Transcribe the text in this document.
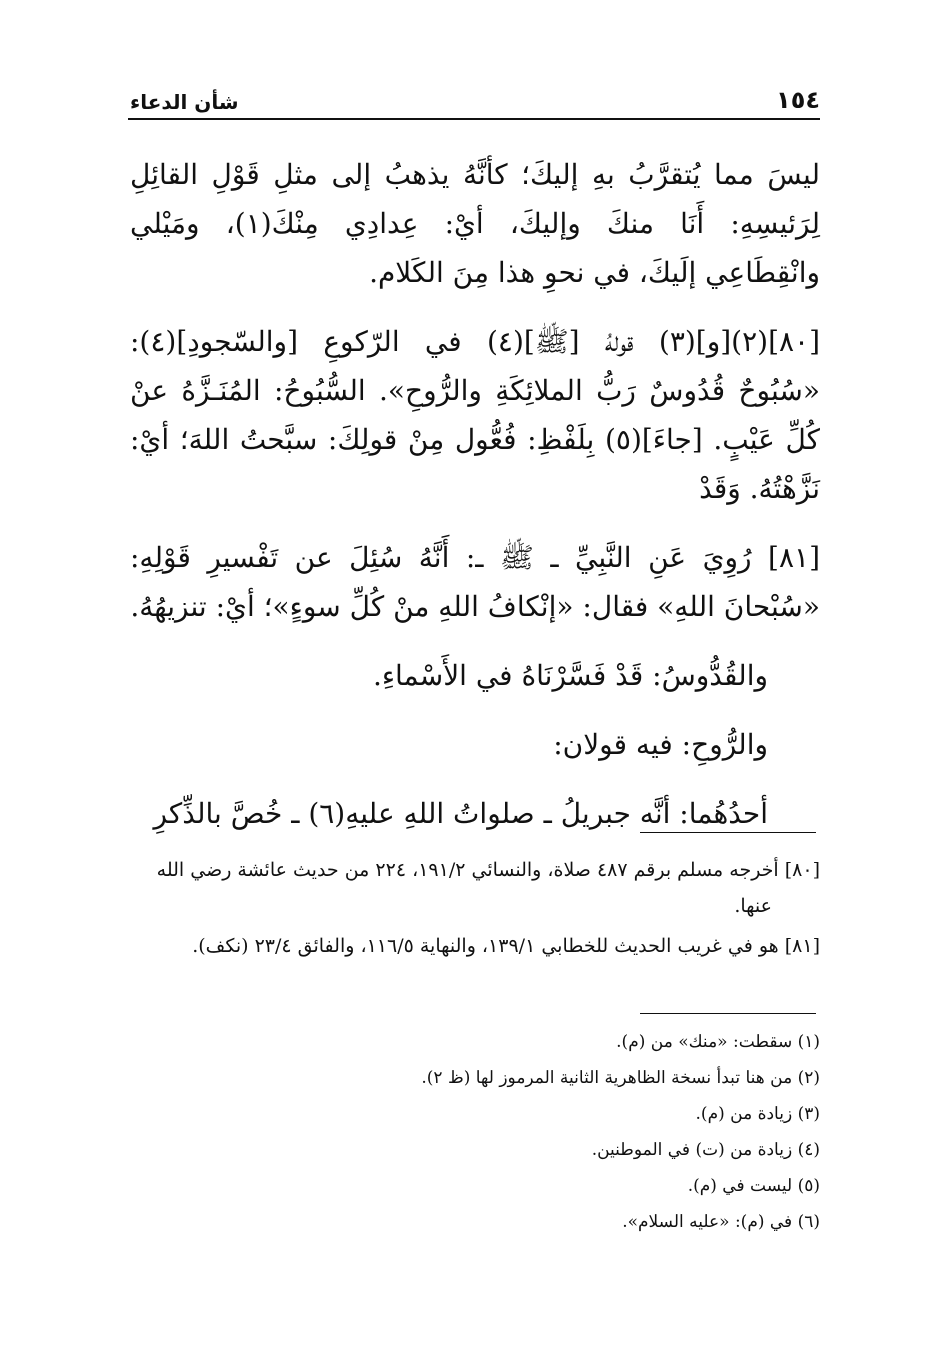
١٥٤
شأن الدعاء

ليسَ مما يُتقرَّبُ بهِ إليكَ؛ كأنَّهُ يذهبُ إلى مثلِ قَوْلِ القائِلِ لِرَئيسِهِ: أَنَا منكَ وإليكَ، أيْ: عِدادِي مِنْكَ(١)، ومَيْلي وانْقِطَاعِي إلَيكَ، في نحوِ هذا مِنَ الكَلام.

[٨٠](٢)[و](٣) قولهُ [ﷺ](٤) في الرّكوعِ [والسّجودِ](٤): «سُبُوحٌ قُدُوسٌ رَبُّ الملائِكَةِ والرُّوحِ». السُّبُوحُ: المُنَـزَّهُ عنْ كُلِّ عَيْبٍ. [جاءَ](٥) بِلَفْظِ: فُعُّول مِنْ قولِكَ: سبَّحتُ اللهَ؛ أيْ: نَزَّهْتُهُ. وَقَدْ

[٨١] رُوِيَ عَنِ النَّبِيِّ ـ ﷺ ـ: أَنَّهُ سُئِلَ عن تَفْسيرِ قَوْلِهِ: «سُبْحانَ اللهِ» فقال: «إنْكافُ اللهِ منْ كُلِّ سوءٍ»؛ أيْ: تنزيهُهُ.

والقُدُّوسُ: قَدْ فَسَّرْنَاهُ في الأَسْماءِ.

والرُّوحِ: فيه قولان:

أحدُهُما: أنَّه جبريلُ ـ صلواتُ اللهِ عليهِ(٦) ـ خُصَّ بالذِّكرِ

[٨٠] أخرجه مسلم برقم ٤٨٧ صلاة، والنسائي ١٩١/٢، ٢٢٤ من حديث عائشة رضي الله عنها.
[٨١] هو في غريب الحديث للخطابي ١٣٩/١، والنهاية ١١٦/٥، والفائق ٢٣/٤ (نكف).
(١) سقطت: «منك» من (م).
(٢) من هنا تبدأ نسخة الظاهرية الثانية المرموز لها (ظ ٢).
(٣) زيادة من (م).
(٤) زيادة من (ت) في الموطنين.
(٥) ليست في (م).
(٦) في (م): «عليه السلام».
